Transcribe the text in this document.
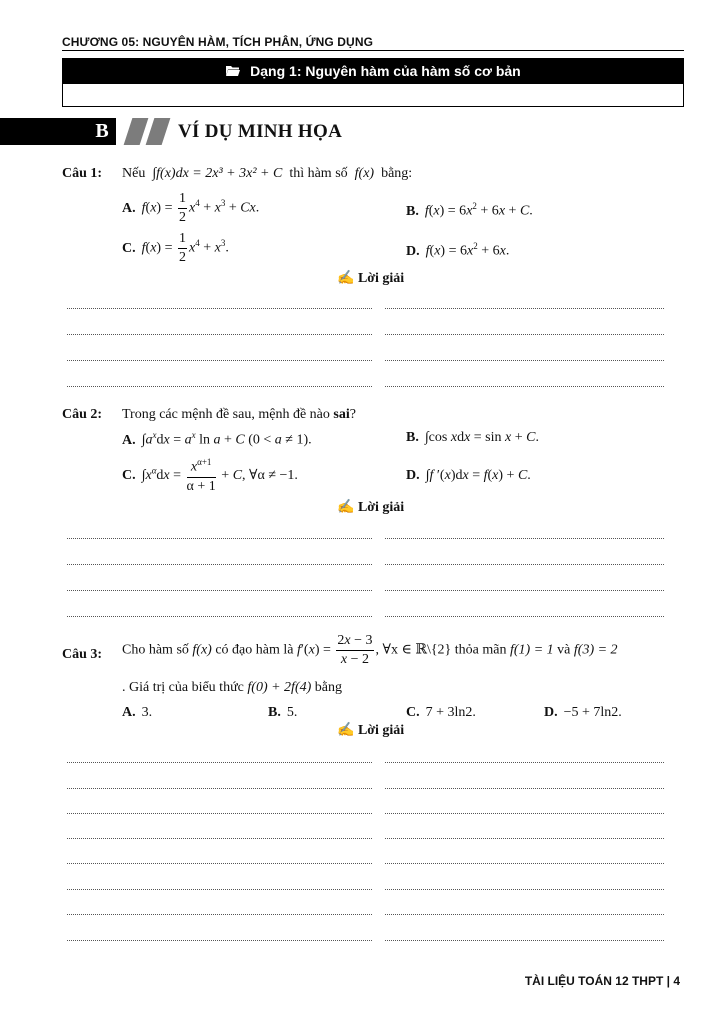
CHƯƠNG 05: NGUYÊN HÀM, TÍCH PHÂN, ỨNG DỤNG
Dạng 1: Nguyên hàm của hàm số cơ bản
B	VÍ DỤ MINH HỌA
Câu 1: Nếu ∫f(x)dx = 2x³ + 3x² + C thì hàm số f(x) bằng:
A. $f(x) = \frac{1}{2} x^4 + x^3 + Cx$.	B. $f(x) = 6x^2 + 6x + C$.
C. $f(x) = \frac{1}{2} x^4 + x^3$.	D. $f(x) = 6x^2 + 6x$.
✍ Lời giải
Câu 2: Trong các mệnh đề sau, mệnh đề nào sai?
A. $\int a^xdx = a^x$ ln a + C (0 < a ≠ 1).	B. ∫cos xdx = sin x + C.
C. $\int x^\alpha dx = \frac{x^{\alpha+1}}{\alpha + 1} + C$, ∀α ≠ −1.	D. ∫f ′(x)dx = f(x) + C.
✍ Lời giải
Câu 3: Cho hàm số f(x) có đạo hàm là $f'(x) = \frac{2x - 3}{x - 2}$ , ∀x ∈ ℝ\{2} thỏa mãn f(1) = 1 và f(3) = 2
. Giá trị của biểu thức f(0) + 2f(4) bằng
A. 3.	B. 5.	C. 7 + 3ln2.	D. −5 + 7ln2.
✍ Lời giải
TÀI LIỆU TOÁN 12 THPT | 4
